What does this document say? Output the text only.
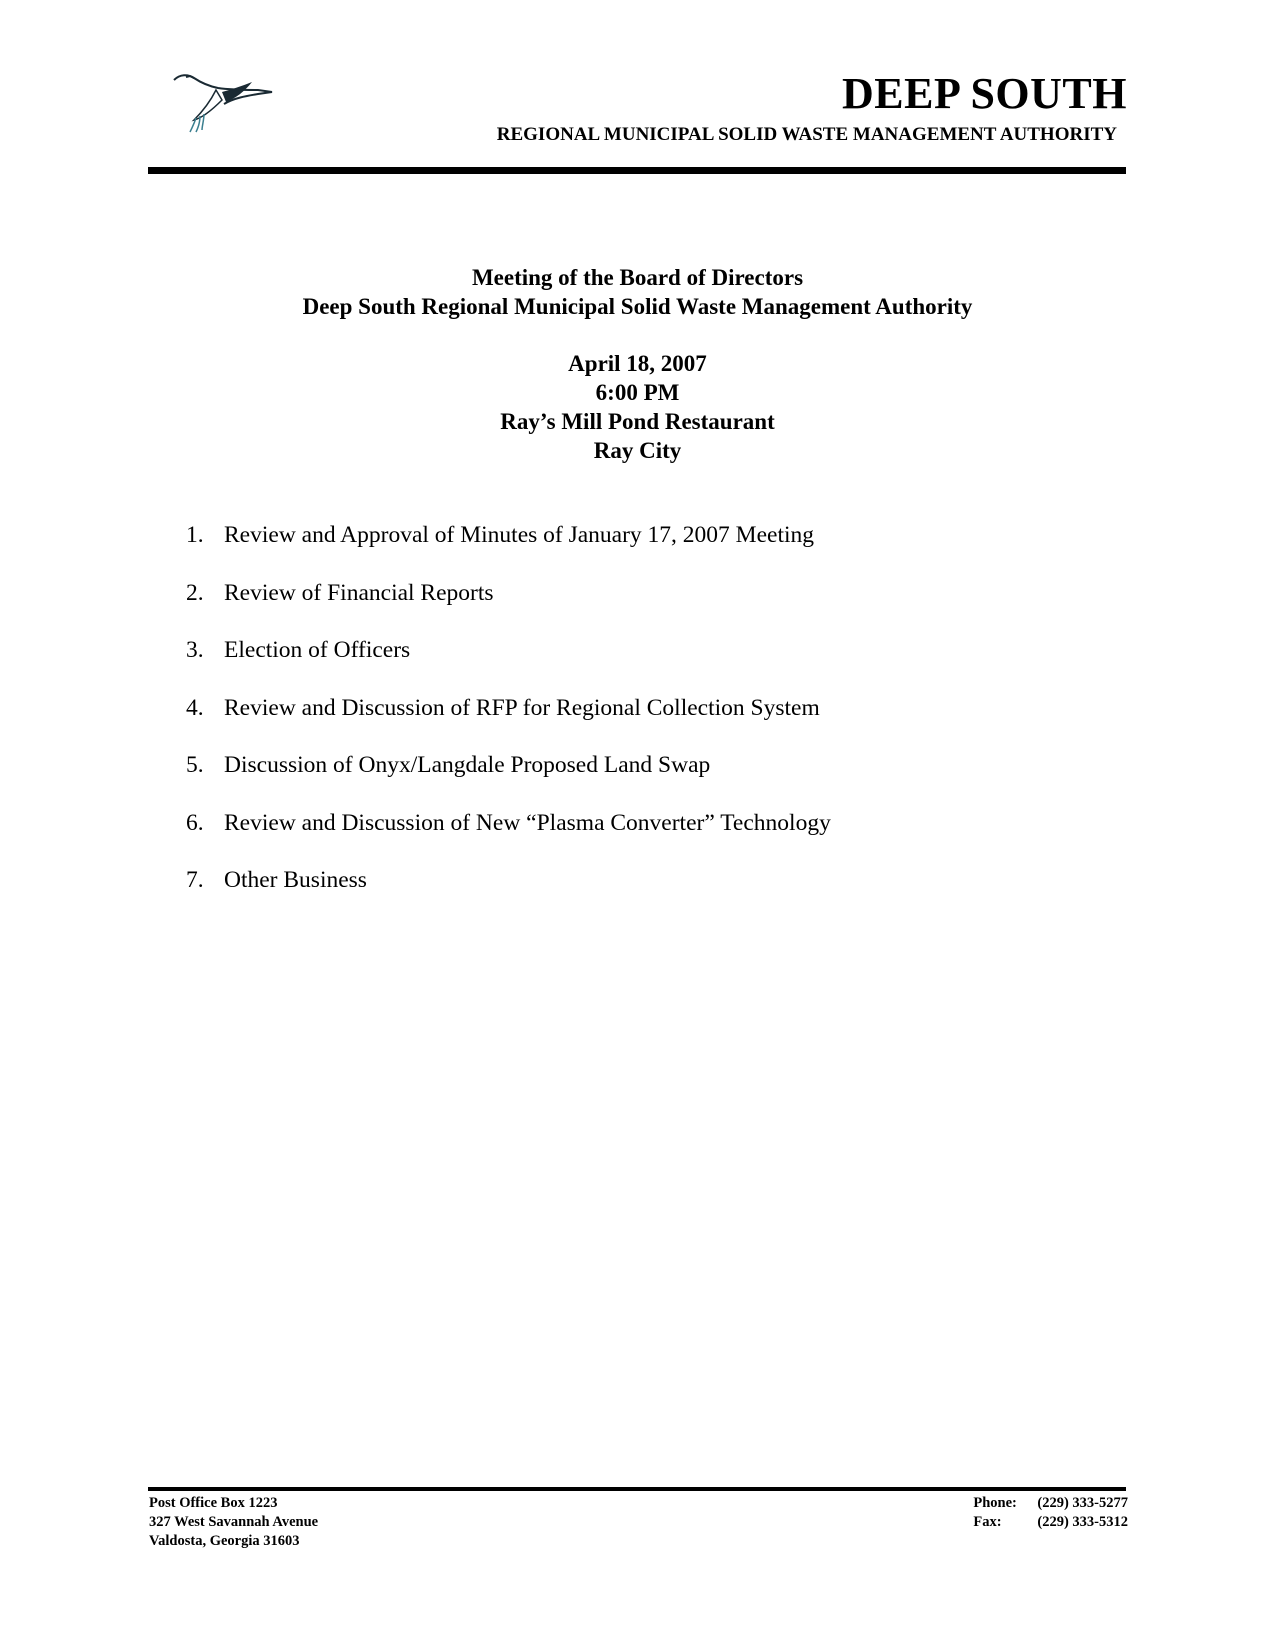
DEEP SOUTH
REGIONAL MUNICIPAL SOLID WASTE MANAGEMENT AUTHORITY
Meeting of the Board of Directors
Deep South Regional Municipal Solid Waste Management Authority
April 18, 2007
6:00 PM
Ray’s Mill Pond Restaurant
Ray City
1. Review and Approval of Minutes of January 17, 2007 Meeting
2. Review of Financial Reports
3. Election of Officers
4. Review and Discussion of RFP for Regional Collection System
5. Discussion of Onyx/Langdale Proposed Land Swap
6. Review and Discussion of New “Plasma Converter” Technology
7. Other Business
Post Office Box 1223
327 West Savannah Avenue
Valdosta, Georgia 31603
Phone:	(229) 333-5277
Fax:	(229) 333-5312
